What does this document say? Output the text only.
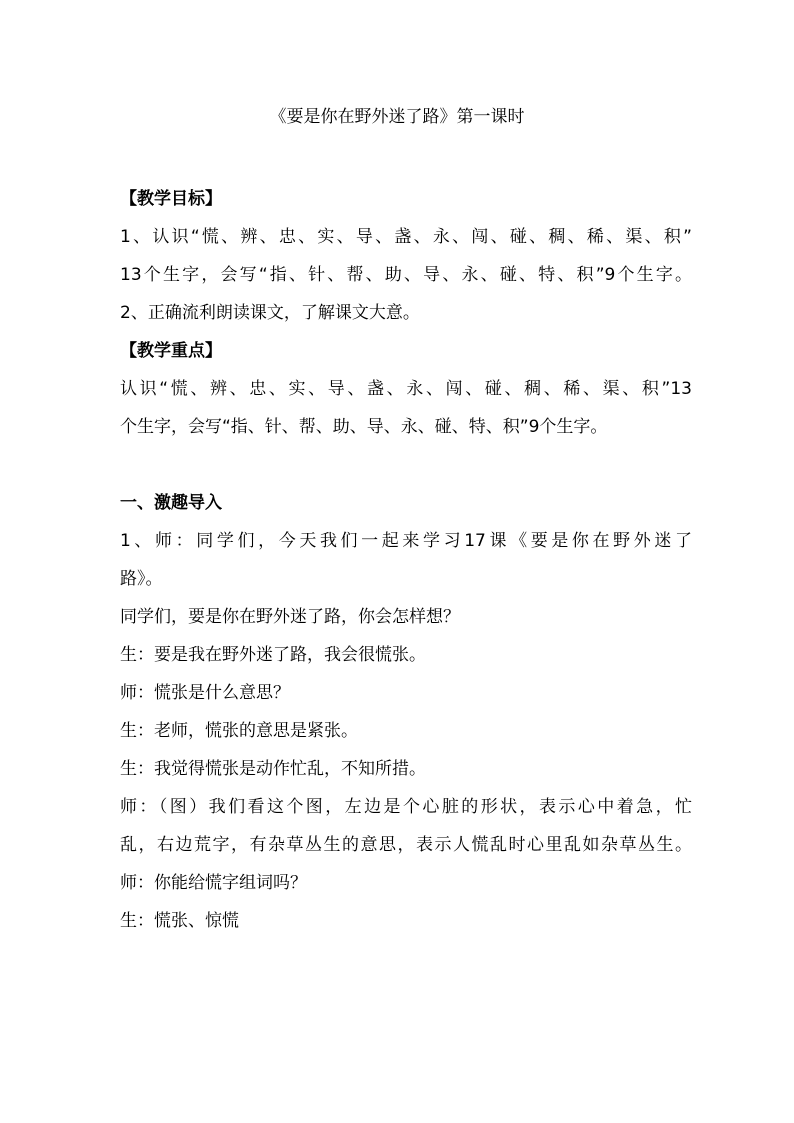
《要是你在野外迷了路》第一课时
【教学目标】
1、认识“慌、辨、忠、实、导、盏、永、闯、碰、稠、稀、渠、积”
13个生字，会写“指、针、帮、助、导、永、碰、特、积”9个生字。
2、正确流利朗读课文，了解课文大意。
【教学重点】
认识“慌、辨、忠、实、导、盏、永、闯、碰、稠、稀、渠、积”13
个生字，会写“指、针、帮、助、导、永、碰、特、积”9个生字。
一、激趣导入
1、师：同学们，今天我们一起来学习17课《要是你在野外迷了
路》。
同学们，要是你在野外迷了路，你会怎样想？
生：要是我在野外迷了路，我会很慌张。
师：慌张是什么意思？
生：老师，慌张的意思是紧张。
生：我觉得慌张是动作忙乱，不知所措。
师：（图）我们看这个图，左边是个心脏的形状，表示心中着急，忙
乱，右边荒字，有杂草丛生的意思，表示人慌乱时心里乱如杂草丛生。
师：你能给慌字组词吗？
生：慌张、惊慌
